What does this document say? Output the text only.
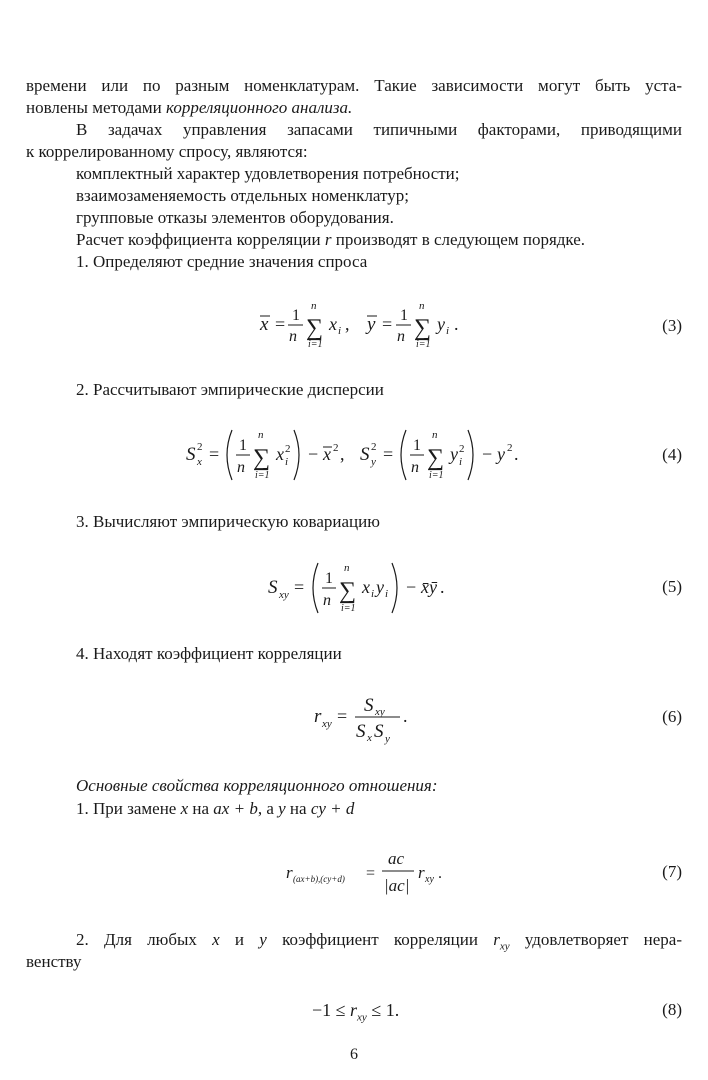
времени или по разным номенклатурам. Такие зависимости могут быть уста-
новлены методами корреляционного анализа.
В задачах управления запасами типичными факторами, приводящими
к коррелированному спросу, являются:
комплектный характер удовлетворения потребности;
взаимозаменяемость отдельных номенклатур;
групповые отказы элементов оборудования.
Расчет коэффициента корреляции r производят в следующем порядке.
1. Определяют средние значения спроса
x = 1
n
n
∑
i=1
x i , y = 1
n
n
∑
i=1
y i .	(3)
2. Рассчитывают эмпирические дисперсии
S 2
x = 1
n
n
∑
i=1
x 2
i − x 2 , S 2
y = 1
n
n
∑
i=1
y 2
i − y 2 .	(4)
3. Вычисляют эмпирическую ковариацию
S xy = 1
n
n
∑
i=1
x i y i − x̄ȳ .	(5)
4. Находят коэффициент корреляции
r xy = S xy
S x S y
.	(6)
Основные свойства корреляционного отношения:
1. При замене x на ax + b, а y на cy + d
r (ax+b),(cy+d) =
ac
|ac|
r xy .	(7)
2. Для любых x и y коэффициент корреляции $r_{xy}$ удовлетворяет нера-
венству
$-1 \le r_{xy} \le 1$.	(8)
6
